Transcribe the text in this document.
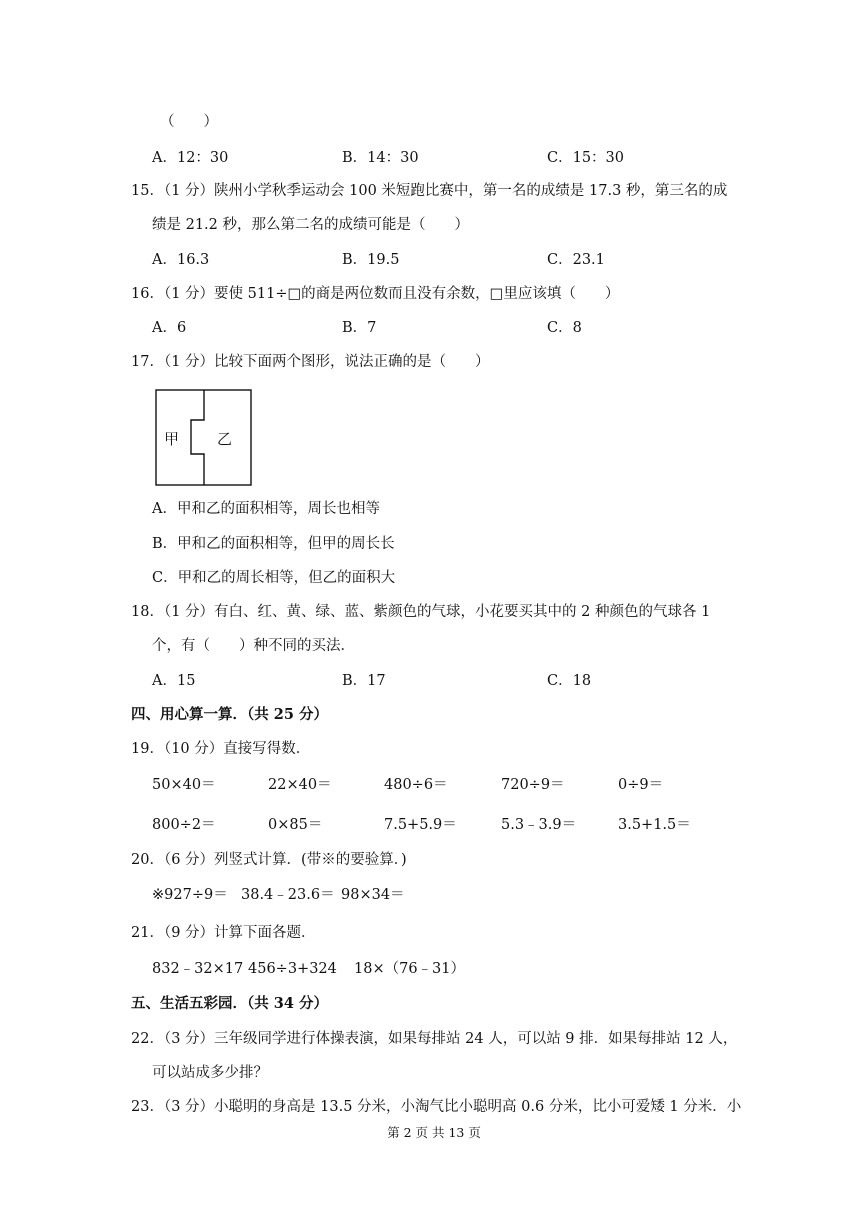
（　　）
A．12：30	B．14：30	C．15：30
15．（1 分）陕州小学秋季运动会 100 米短跑比赛中，第一名的成绩是 17.3 秒，第三名的成
绩是 21.2 秒，那么第二名的成绩可能是（　　）
A．16.3	B．19.5	C．23.1
16．（1 分）要使 511÷□的商是两位数而且没有余数，□里应该填（　　）
A．6	B．7	C．8
17．（1 分）比较下面两个图形，说法正确的是（　　）
甲	乙
A．甲和乙的面积相等，周长也相等
B．甲和乙的面积相等，但甲的周长长
C．甲和乙的周长相等，但乙的面积大
18．（1 分）有白、红、黄、绿、蓝、紫颜色的气球，小花要买其中的 2 种颜色的气球各 1
个，有（　　）种不同的买法．
A．15	B．17	C．18
四、用心算一算．（共 25 分）
19．（10 分）直接写得数．
50×40＝	22×40＝	480÷6＝	720÷9＝	0÷9＝
800÷2＝	0×85＝	7.5+5.9＝	5.3﹣3.9＝	3.5+1.5＝
20．（6 分）列竖式计算．(带※的要验算．)
※927÷9＝ 38.4﹣23.6＝ 98×34＝
21．（9 分）计算下面各题．
832﹣32×17 456÷3+324 18×（76﹣31）
五、生活五彩园．（共 34 分）
22．（3 分）三年级同学进行体操表演，如果每排站 24 人，可以站 9 排．如果每排站 12 人，
可以站成多少排？
23．（3 分）小聪明的身高是 13.5 分米，小淘气比小聪明高 0.6 分米，比小可爱矮 1 分米．小
第 2 页 共 13 页
